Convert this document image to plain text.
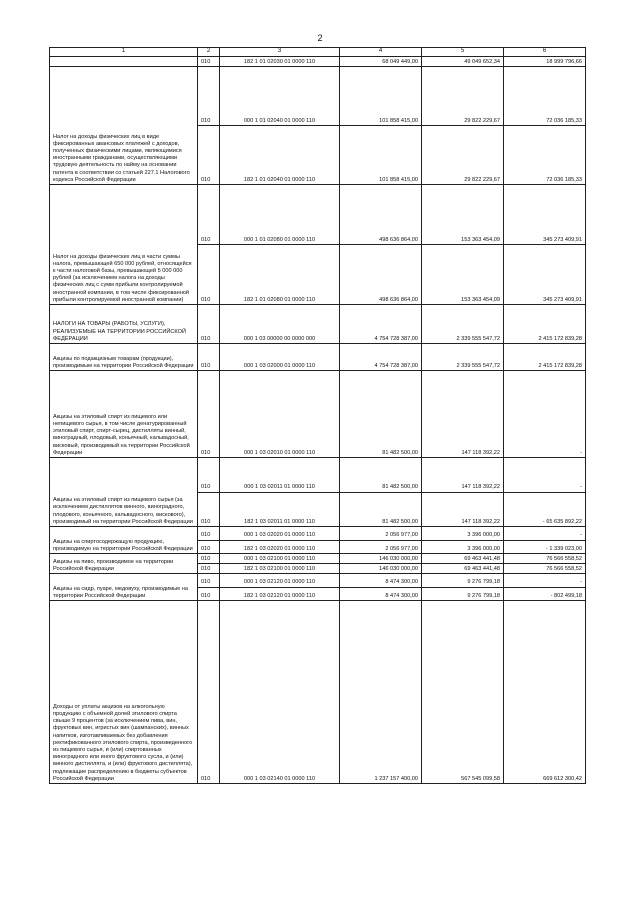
2
1	2	3	4	5	6
	010	182 1 01 02030 01 0000 110	68 049 449,00	49 049 652,34	18 999 796,66
Налог на доходы физических лиц в виде фиксированных авансовых платежей с доходов, полученных физическими лицами, являющимися иностранными гражданами, осуществляющими трудовую деятельность по найму на основании патента в соответствии со статьей 227.1 Налогового кодекса Российской Федерации	010	000 1 01 02040 01 0000 110	101 858 415,00	29 822 229,67	72 036 185,33
	010	182 1 01 02040 01 0000 110	101 858 415,00	29 822 229,67	72 036 185,33
Налог на доходы физических лиц в части суммы налога, превышающей 650 000 рублей, относящейся к части налоговой базы, превышающей 5 000 000 рублей (за исключением налога на доходы физических лиц с сумм прибыли контролируемой иностранной компании, в том числе фиксированной прибыли контролируемой иностранной компании)	010	000 1 01 02080 01 0000 110	498 636 864,00	153 363 454,09	345 273 409,91
	010	182 1 01 02080 01 0000 110	498 636 864,00	153 363 454,09	345 273 409,91
НАЛОГИ НА ТОВАРЫ (РАБОТЫ, УСЛУГИ), РЕАЛИЗУЕМЫЕ НА ТЕРРИТОРИИ РОССИЙСКОЙ ФЕДЕРАЦИИ	010	000 1 03 00000 00 0000 000	4 754 728 387,00	2 339 555 547,72	2 415 172 839,28
Акцизы по подакцизным товарам (продукции), производимым на территории Российской Федерации	010	000 1 03 02000 01 0000 110	4 754 728 387,00	2 339 555 547,72	2 415 172 839,28
Акцизы на этиловый спирт из пищевого или непищевого сырья, в том числе денатурированный этиловый спирт, спирт-сырец, дистилляты винный, виноградный, плодовый, коньячный, кальвадосный, висковый, производимый на территории Российской Федерации	010	000 1 03 02010 01 0000 110	81 482 500,00	147 118 392,22	-
Акцизы на этиловый спирт из пищевого сырья (за исключением дистиллятов винного, виноградного, плодового, коньячного, кальвадосного, вискового), производимый на территории Российской Федерации	010	000 1 03 02011 01 0000 110	81 482 500,00	147 118 392,22	-
	010	182 1 03 02011 01 0000 110	81 482 500,00	147 118 392,22	- 65 635 892,22
Акцизы на спиртосодержащую продукцию, производимую на территории Российской Федерации	010	000 1 03 02020 01 0000 110	2 056 977,00	3 396 000,00	-
	010	182 1 03 02020 01 0000 110	2 056 977,00	3 396 000,00	- 1 339 023,00
Акцизы на пиво, производимое на территории Российской Федерации	010	000 1 03 02100 01 0000 110	146 030 000,00	69 463 441,48	76 566 558,52
	010	182 1 03 02100 01 0000 110	146 030 000,00	69 463 441,48	76 566 558,52
Акцизы на сидр, пуаре, медовуху, производимые на территории Российской Федерации	010	000 1 03 02120 01 0000 110	8 474 300,00	9 276 799,18	-
	010	182 1 03 02120 01 0000 110	8 474 300,00	9 276 799,18	- 802 499,18
Доходы от уплаты акцизов на алкогольную продукцию с объемной долей этилового спирта свыше 9 процентов (за исключением пива, вин, фруктовых вин, игристых вин (шампанских), винных напитков, изготавливаемых без добавления ректификованного этилового спирта, произведенного из пищевого сырья, и (или) спиртованных виноградного или иного фруктового сусла, и (или) винного дистиллята, и (или) фруктового дистиллята), подлежащие распределению в бюджеты субъектов Российской Федерации	010	000 1 03 02140 01 0000 110	1 237 157 400,00	567 545 099,58	669 612 300,42
